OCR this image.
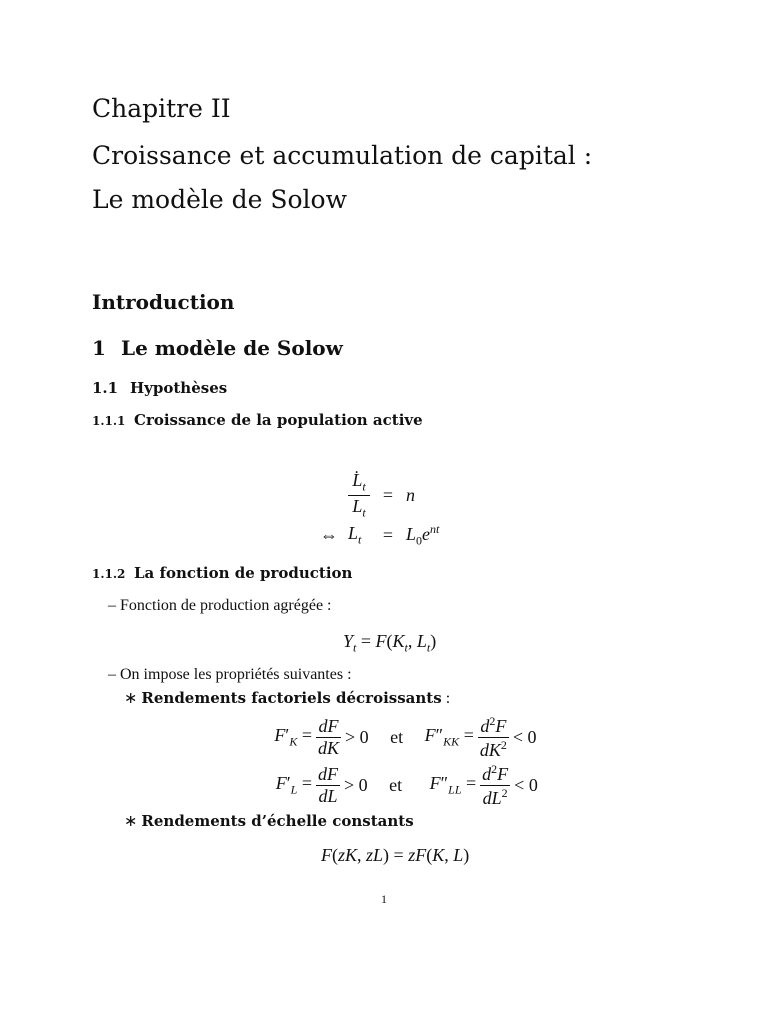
Chapitre II
Croissance et accumulation de capital :
Le modèle de Solow
Introduction
1 Le modèle de Solow
1.1 Hypothèses
1.1.1 Croissance de la population active
$\frac{L̇_t}{L_t} = n$
⇔ $L_t$	= $L_0e^{nt}$
1.1.2 La fonction de production
– Fonction de production agrégée :
$Y_t = F(K_t$, $L_t$)
– On impose les propriétés suivantes :
∗ Rendements factoriels décroissants :
$F'_K = \frac{dF}{dK} > 0$	et	$F''_{KK} = \frac{d^2F}{dK^2} < 0$
$F'_L = \frac{dF}{dL} > 0$	et	$F''_{LL} = \frac{d^2F}{dL^2} < 0$
∗ Rendements d’échelle constants
F(zK, zL) = zF(K, L)
1
